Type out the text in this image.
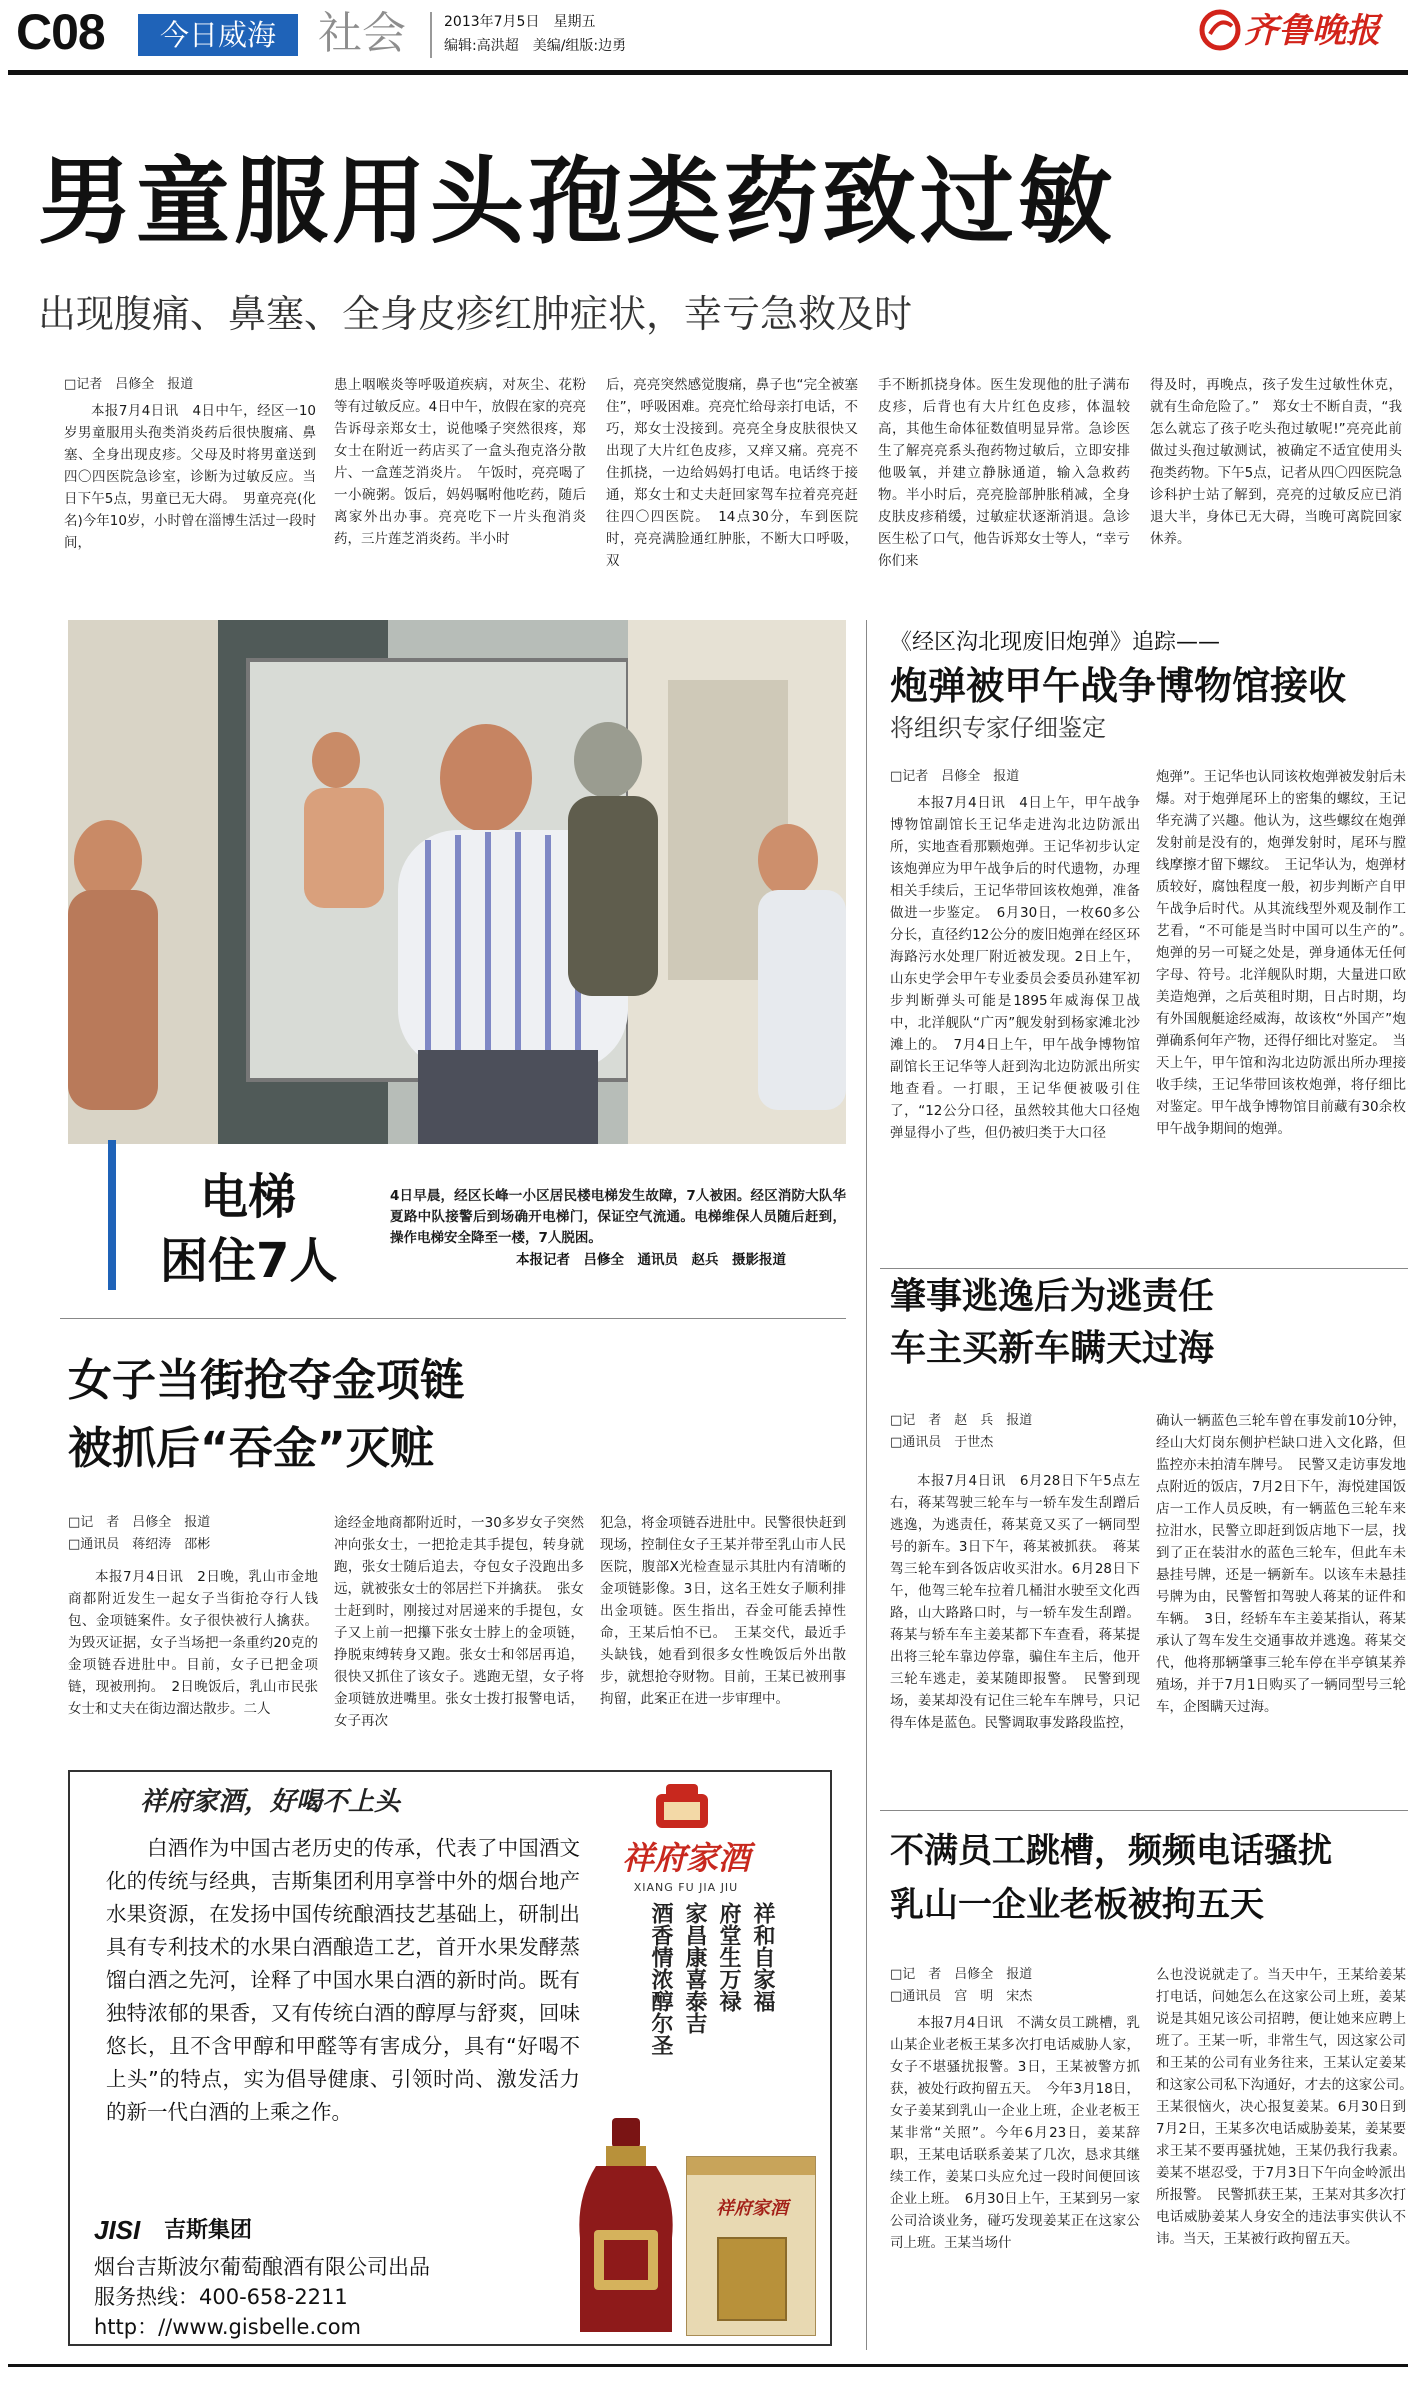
C08	今日威海 社会	2013年7月5日　星期五
编辑:高洪超　美编/组版:边勇	齐鲁晚报
男童服用头孢类药致过敏
出现腹痛、鼻塞、全身皮疹红肿症状，幸亏急救及时
□记者　吕修全　报道

本报7月4日讯　4日中午，经区一10岁男童服用头孢类消炎药后很快腹痛、鼻塞、全身出现皮疹。父母及时将男童送到四〇四医院急诊室，诊断为过敏反应。当日下午5点，男童已无大碍。　男童亮亮(化名)今年10岁，小时曾在淄博生活过一段时间，

患上咽喉炎等呼吸道疾病，对灰尘、花粉等有过敏反应。4日中午，放假在家的亮亮告诉母亲郑女士，说他嗓子突然很疼，郑女士在附近一药店买了一盒头孢克洛分散片、一盒莲芝消炎片。　午饭时，亮亮喝了一小碗粥。饭后，妈妈嘱咐他吃药，随后离家外出办事。亮亮吃下一片头孢消炎药，三片莲芝消炎药。半小时

后，亮亮突然感觉腹痛，鼻子也“完全被塞住”，呼吸困难。亮亮忙给母亲打电话，不巧，郑女士没接到。亮亮全身皮肤很快又出现了大片红色皮疹，又痒又痛。亮亮不住抓挠，一边给妈妈打电话。电话终于接通，郑女士和丈夫赶回家驾车拉着亮亮赶往四〇四医院。　14点30分，车到医院时，亮亮满脸通红肿胀，不断大口呼吸，双

手不断抓挠身体。医生发现他的肚子满布皮疹，后背也有大片红色皮疹，体温较高，其他生命体征数值明显异常。急诊医生了解亮亮系头孢药物过敏后，立即安排他吸氧，并建立静脉通道，输入急救药物。半小时后，亮亮脸部肿胀稍减，全身皮肤皮疹稍缓，过敏症状逐渐消退。急诊医生松了口气，他告诉郑女士等人，“幸亏你们来

得及时，再晚点，孩子发生过敏性休克，就有生命危险了。”　郑女士不断自责，“我怎么就忘了孩子吃头孢过敏呢!”亮亮此前做过头孢过敏测试，被确定不适宜使用头孢类药物。下午5点，记者从四〇四医院急诊科护士站了解到，亮亮的过敏反应已消退大半，身体已无大碍，当晚可离院回家休养。

电梯
困住7人

4日早晨，经区长峰一小区居民楼电梯发生故障，7人被困。经区消防大队华夏路中队接警后到场确开电梯门，保证空气流通。电梯维保人员随后赶到，操作电梯安全降至一楼，7人脱困。

本报记者　吕修全　通讯员　赵兵　摄影报道
《经区沟北现废旧炮弹》追踪——
炮弹被甲午战争博物馆接收
将组织专家仔细鉴定
□记者　吕修全　报道

本报7月4日讯　4日上午，甲午战争博物馆副馆长王记华走进沟北边防派出所，实地查看那颗炮弹。王记华初步认定该炮弹应为甲午战争后的时代遗物，办理相关手续后，王记华带回该枚炮弹，准备做进一步鉴定。　6月30日，一枚60多公分长，直径约12公分的废旧炮弹在经区环海路污水处理厂附近被发现。2日上午，山东史学会甲午专业委员会委员孙建军初步判断弹头可能是1895年威海保卫战中，北洋舰队“广丙”舰发射到杨家滩北沙滩上的。　7月4日上午，甲午战争博物馆副馆长王记华等人赶到沟北边防派出所实地查看。一打眼，王记华便被吸引住了，“12公分口径，虽然较其他大口径炮弹显得小了些，但仍被归类于大口径

炮弹”。王记华也认同该枚炮弹被发射后未爆。对于炮弹尾环上的密集的螺纹，王记华充满了兴趣。他认为，这些螺纹在炮弹发射前是没有的，炮弹发射时，尾环与膛线摩擦才留下螺纹。　王记华认为，炮弹材质较好，腐蚀程度一般，初步判断产自甲午战争后时代。从其流线型外观及制作工艺看，“不可能是当时中国可以生产的”。　炮弹的另一可疑之处是，弹身通体无任何字母、符号。北洋舰队时期，大量进口欧美造炮弹，之后英租时期，日占时期，均有外国舰艇途经威海，故该枚“外国产”炮弹确系何年产物，还得仔细比对鉴定。　当天上午，甲午馆和沟北边防派出所办理接收手续，王记华带回该枚炮弹，将仔细比对鉴定。甲午战争博物馆目前藏有30余枚甲午战争期间的炮弹。

肇事逃逸后为逃责任
车主买新车瞒天过海
□记　者　赵　兵　报道
□通讯员　于世杰

本报7月4日讯　6月28日下午5点左右，蒋某驾驶三轮车与一轿车发生刮蹭后逃逸，为逃责任，蒋某竟又买了一辆同型号的新车。3日下午，蒋某被抓获。　蒋某驾三轮车到各饭店收买泔水。6月28日下午，他驾三轮车拉着几桶泔水驶至文化西路，山大路路口时，与一轿车发生刮蹭。蒋某与轿车车主姜某都下车查看，蒋某提出将三轮车靠边停靠，骗住车主后，他开三轮车逃走，姜某随即报警。　民警到现场，姜某却没有记住三轮车车牌号，只记得车体是蓝色。民警调取事发路段监控，

确认一辆蓝色三轮车曾在事发前10分钟，经山大灯岗东侧护栏缺口进入文化路，但监控亦未拍清车牌号。　民警又走访事发地点附近的饭店，7月2日下午，海悦建国饭店一工作人员反映，有一辆蓝色三轮车来拉泔水，民警立即赶到饭店地下一层，找到了正在装泔水的蓝色三轮车，但此车未悬挂号牌，还是一辆新车。以该车未悬挂号牌为由，民警暂扣驾驶人蒋某的证件和车辆。　3日，经轿车车主姜某指认，蒋某承认了驾车发生交通事故并逃逸。蒋某交代，他将那辆肇事三轮车停在半亭镇某养殖场，并于7月1日购买了一辆同型号三轮车，企图瞒天过海。

不满员工跳槽，频频电话骚扰
乳山一企业老板被拘五天
□记　者　吕修全　报道
□通讯员　宫　明　宋杰

本报7月4日讯　不满女员工跳槽，乳山某企业老板王某多次打电话威胁人家，女子不堪骚扰报警。3日，王某被警方抓获，被处行政拘留五天。　今年3月18日，女子姜某到乳山一企业上班，企业老板王某非常“关照”。今年6月23日，姜某辞职，王某电话联系姜某了几次，恳求其继续工作，姜某口头应允过一段时间便回该企业上班。　6月30日上午，王某到另一家公司洽谈业务，碰巧发现姜某正在这家公司上班。王某当场什

么也没说就走了。当天中午，王某给姜某打电话，问她怎么在这家公司上班，姜某说是其姐兄该公司招聘，便让她来应聘上班了。王某一听，非常生气，因这家公司和王某的公司有业务往来，王某认定姜某和这家公司私下沟通好，才去的这家公司。　王某很恼火，决心报复姜某。6月30日到7月2日，王某多次电话威胁姜某，姜某要求王某不要再骚扰她，王某仍我行我素。姜某不堪忍受，于7月3日下午向金岭派出所报警。　民警抓获王某，王某对其多次打电话威胁姜某人身安全的违法事实供认不讳。当天，王某被行政拘留五天。

女子当街抢夺金项链
被抓后“吞金”灭赃
□记　者　吕修全　报道
□通讯员　蒋绍涛　邵彬

本报7月4日讯　2日晚，乳山市金地商都附近发生一起女子当街抢夺行人钱包、金项链案件。女子很快被行人擒获。为毁灭证据，女子当场把一条重约20克的金项链吞进肚中。目前，女子已把金项链，现被刑拘。　2日晚饭后，乳山市民张女士和丈夫在街边溜达散步。二人

途经金地商都附近时，一30多岁女子突然冲向张女士，一把抢走其手提包，转身就跑，张女士随后追去，夺包女子没跑出多远，就被张女士的邻居拦下并擒获。　张女士赶到时，刚接过对居递来的手提包，女子又上前一把攥下张女士脖上的金项链，挣脱束缚转身又跑。张女士和邻居再追，很快又抓住了该女子。逃跑无望，女子将金项链放进嘴里。张女士拨打报警电话，女子再次

犯急，将金项链吞进肚中。民警很快赶到现场，控制住女子王某并带至乳山市人民医院，腹部X光检查显示其肚内有清晰的金项链影像。3日，这名王姓女子顺利排出金项链。医生指出，吞金可能丢掉性命，王某后怕不已。　王某交代，最近手头缺钱，她看到很多女性晚饭后外出散步，就想抢夺财物。目前，王某已被刑事拘留，此案正在进一步审理中。

祥府家酒，好喝不上头
白酒作为中国古老历史的传承，代表了中国酒文化的传统与经典，吉斯集团利用享誉中外的烟台地产水果资源，在发扬中国传统酿酒技艺基础上，研制出具有专利技术的水果白酒酿造工艺，首开水果发酵蒸馏白酒之先河，诠释了中国水果白酒的新时尚。既有独特浓郁的果香，又有传统白酒的醇厚与舒爽，回味悠长，且不含甲醇和甲醛等有害成分，具有“好喝不上头”的特点，实为倡导健康、引领时尚、激发活力的新一代白酒的上乘之作。
JISI 吉斯集团
烟台吉斯波尔葡萄酿酒有限公司出品
服务热线：400-658-2211
http：//www.gisbelle.com
祥府家酒
XIANG FU JIA JIU
祥和自家福
府堂生万禄
家昌康喜泰吉
酒香情浓醇尔圣
祥府家酒
